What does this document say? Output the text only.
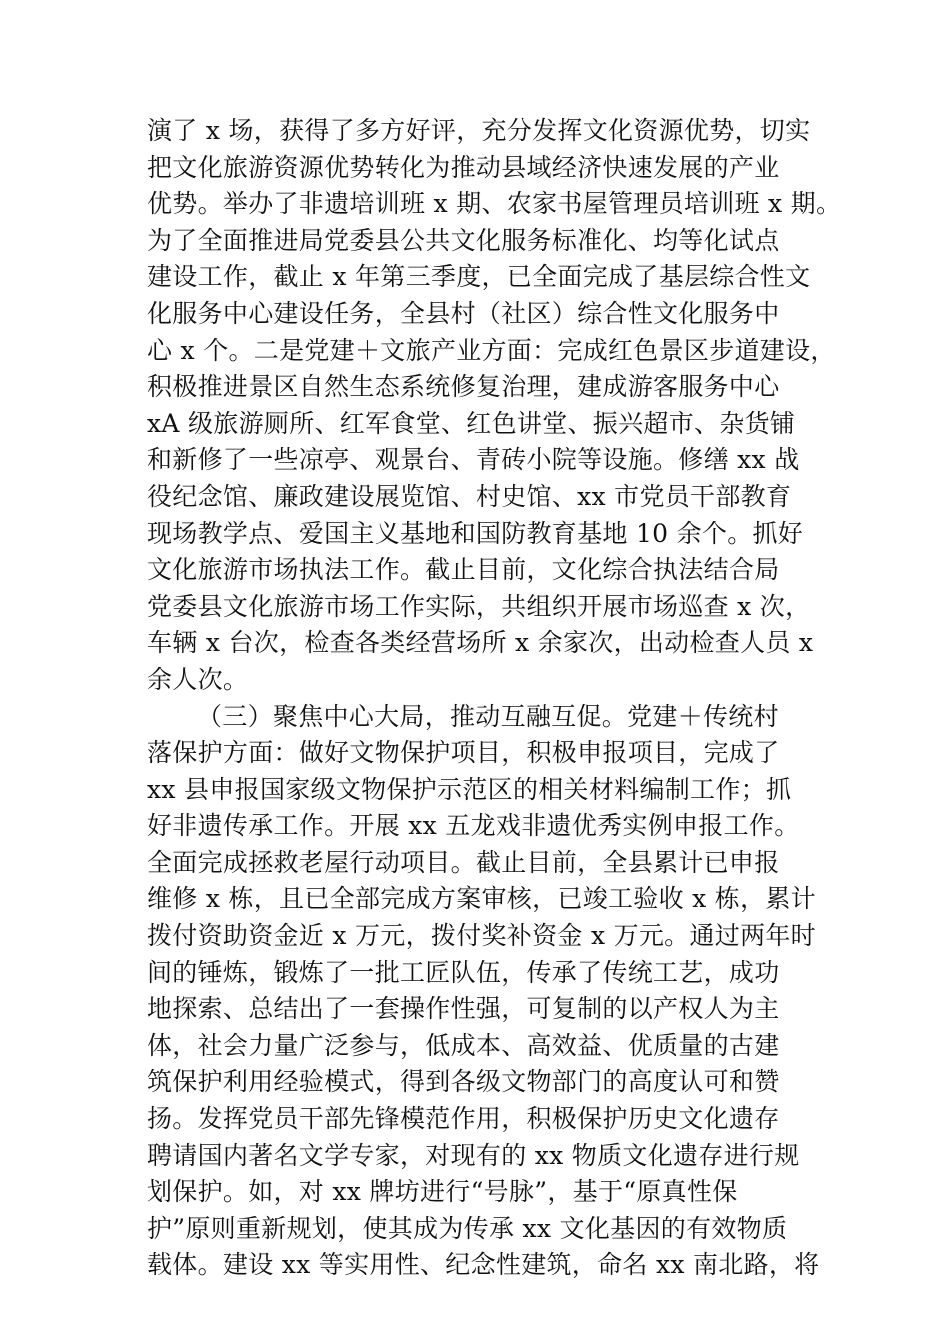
演了 x 场，获得了多方好评，充分发挥文化资源优势，切实
把文化旅游资源优势转化为推动县域经济快速发展的产业
优势。举办了非遗培训班 x 期、农家书屋管理员培训班 x 期。
为了全面推进局党委县公共文化服务标准化、均等化试点
建设工作，截止 x 年第三季度，已全面完成了基层综合性文
化服务中心建设任务，全县村（社区）综合性文化服务中
心 x 个。二是党建＋文旅产业方面：完成红色景区步道建设，
积极推进景区自然生态系统修复治理，建成游客服务中心
xA 级旅游厕所、红军食堂、红色讲堂、振兴超市、杂货铺
和新修了一些凉亭、观景台、青砖小院等设施。修缮 xx 战
役纪念馆、廉政建设展览馆、村史馆、xx 市党员干部教育
现场教学点、爱国主义基地和国防教育基地 10 余个。抓好
文化旅游市场执法工作。截止目前，文化综合执法结合局
党委县文化旅游市场工作实际，共组织开展市场巡查 x 次，
车辆 x 台次，检查各类经营场所 x 余家次，出动检查人员 x
余人次。
（三）聚焦中心大局，推动互融互促。党建＋传统村
落保护方面：做好文物保护项目，积极申报项目，完成了
xx 县申报国家级文物保护示范区的相关材料编制工作；抓
好非遗传承工作。开展 xx 五龙戏非遗优秀实例申报工作。
全面完成拯救老屋行动项目。截止目前，全县累计已申报
维修 x 栋，且已全部完成方案审核，已竣工验收 x 栋，累计
拨付资助资金近 x 万元，拨付奖补资金 x 万元。通过两年时
间的锤炼，锻炼了一批工匠队伍，传承了传统工艺，成功
地探索、总结出了一套操作性强，可复制的以产权人为主
体，社会力量广泛参与，低成本、高效益、优质量的古建
筑保护利用经验模式，得到各级文物部门的高度认可和赞
扬。发挥党员干部先锋模范作用，积极保护历史文化遗存
聘请国内著名文学专家，对现有的 xx 物质文化遗存进行规
划保护。如，对 xx 牌坊进行“号脉”，基于“原真性保
护”原则重新规划，使其成为传承 xx 文化基因的有效物质
载体。建设 xx 等实用性、纪念性建筑，命名 xx 南北路，将
